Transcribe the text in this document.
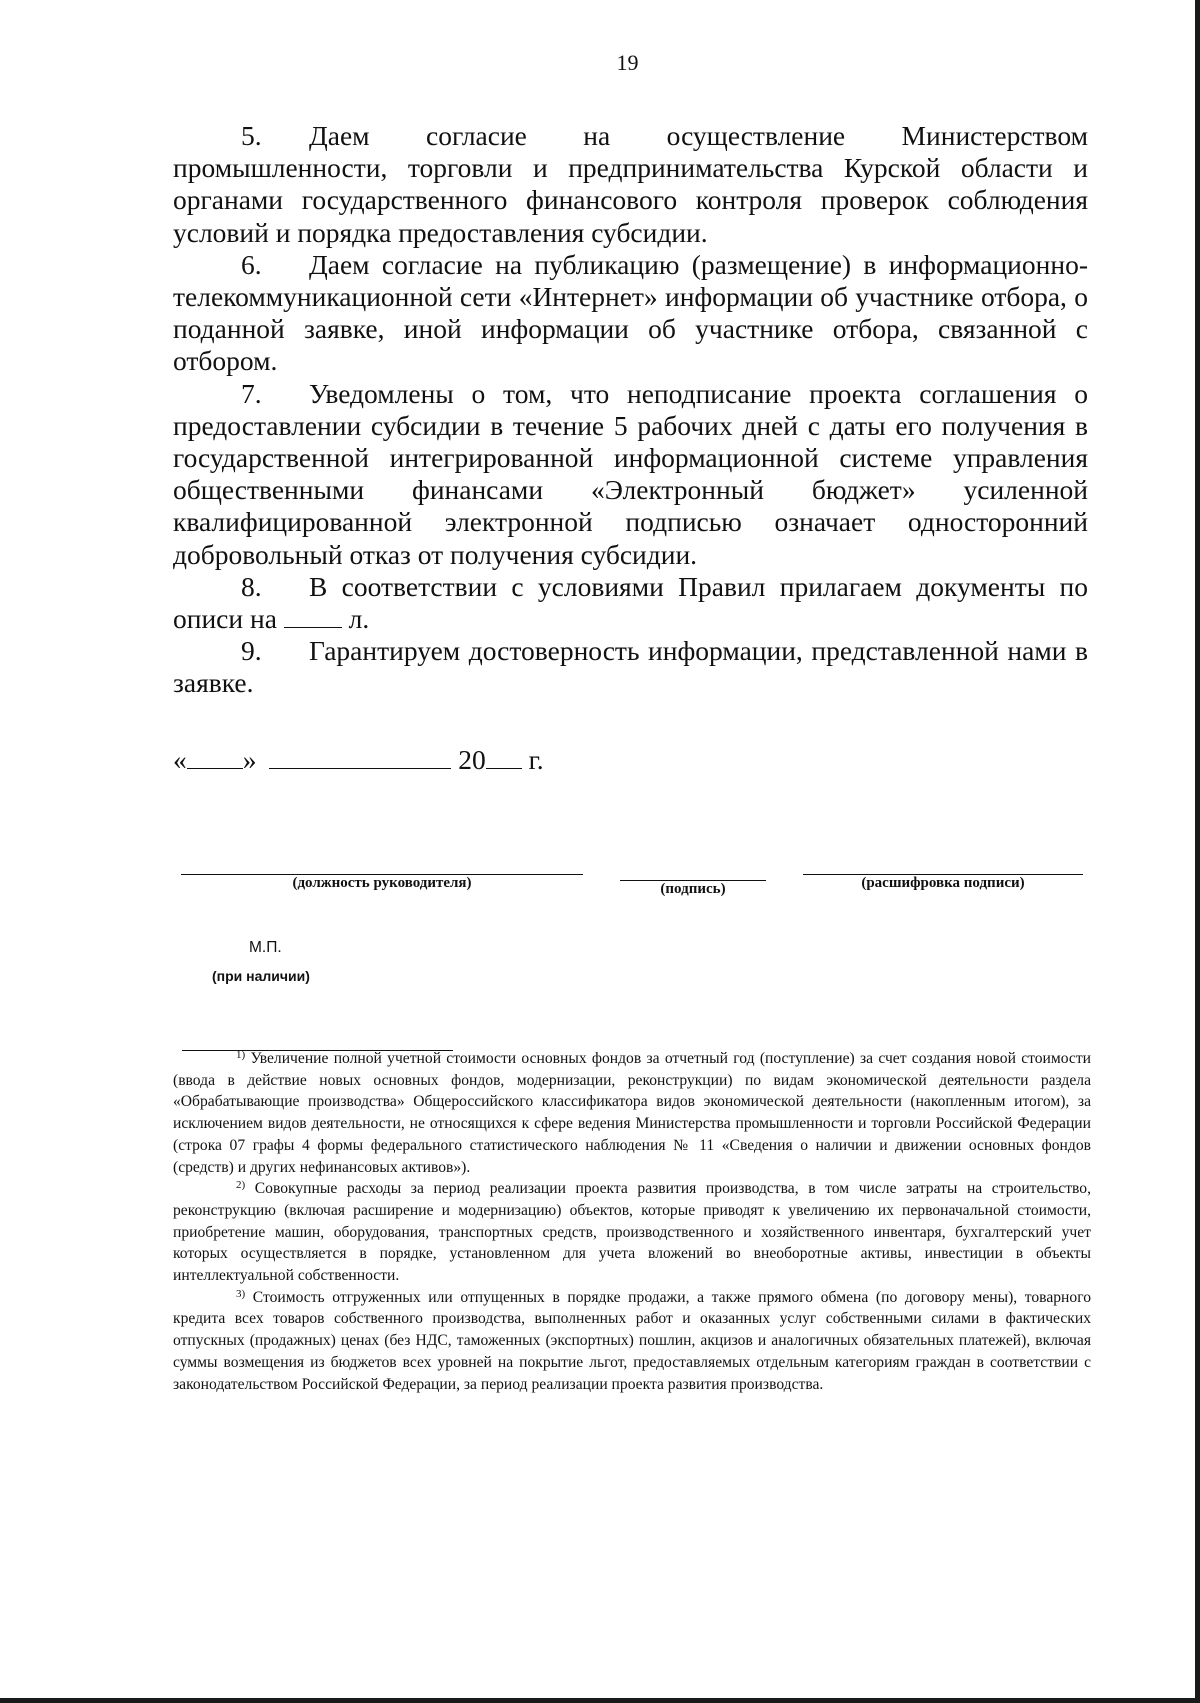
19

5. Даем согласие на осуществление Министерством промышленности, торговли и предпринимательства Курской области и органами государственного финансового контроля проверок соблюдения условий и порядка предоставления субсидии.

6. Даем согласие на публикацию (размещение) в информационно-телекоммуникационной сети «Интернет» информации об участнике отбора, о поданной заявке, иной информации об участнике отбора, связанной с отбором.

7. Уведомлены о том, что неподписание проекта соглашения о предоставлении субсидии в течение 5 рабочих дней с даты его получения в государственной интегрированной информационной системе управления общественными финансами «Электронный бюджет» усиленной квалифицированной электронной подписью означает односторонний добровольный отказ от получения субсидии.

8. В соответствии с условиями Правил прилагаем документы по описи на	л.

9. Гарантируем достоверность информации, представленной нами в заявке.

« »	20 г.
(должность руководителя)	(подпись)	(расшифровка подписи)
М.П.
(при наличии)

$^{1)}$ Увеличение полной учетной стоимости основных фондов за отчетный год (поступление) за счет создания новой стоимости (ввода в действие новых основных фондов, модернизации, реконструкции) по видам экономической деятельности раздела «Обрабатывающие производства» Общероссийского классификатора видов экономической деятельности (накопленным итогом), за исключением видов деятельности, не относящихся к сфере ведения Министерства промышленности и торговли Российской Федерации (строка 07 графы 4 формы федерального статистического наблюдения № 11 «Сведения о наличии и движении основных фондов (средств) и других нефинансовых активов»).

$^{2)}$ Совокупные расходы за период реализации проекта развития производства, в том числе затраты на строительство, реконструкцию (включая расширение и модернизацию) объектов, которые приводят к увеличению их первоначальной стоимости, приобретение машин, оборудования, транспортных средств, производственного и хозяйственного инвентаря, бухгалтерский учет которых осуществляется в порядке, установленном для учета вложений во внеоборотные активы, инвестиции в объекты интеллектуальной собственности.

$^{3)}$ Стоимость отгруженных или отпущенных в порядке продажи, а также прямого обмена (по договору мены), товарного кредита всех товаров собственного производства, выполненных работ и оказанных услуг собственными силами в фактических отпускных (продажных) ценах (без НДС, таможенных (экспортных) пошлин, акцизов и аналогичных обязательных платежей), включая суммы возмещения из бюджетов всех уровней на покрытие льгот, предоставляемых отдельным категориям граждан в соответствии с законодательством Российской Федерации, за период реализации проекта развития производства.
